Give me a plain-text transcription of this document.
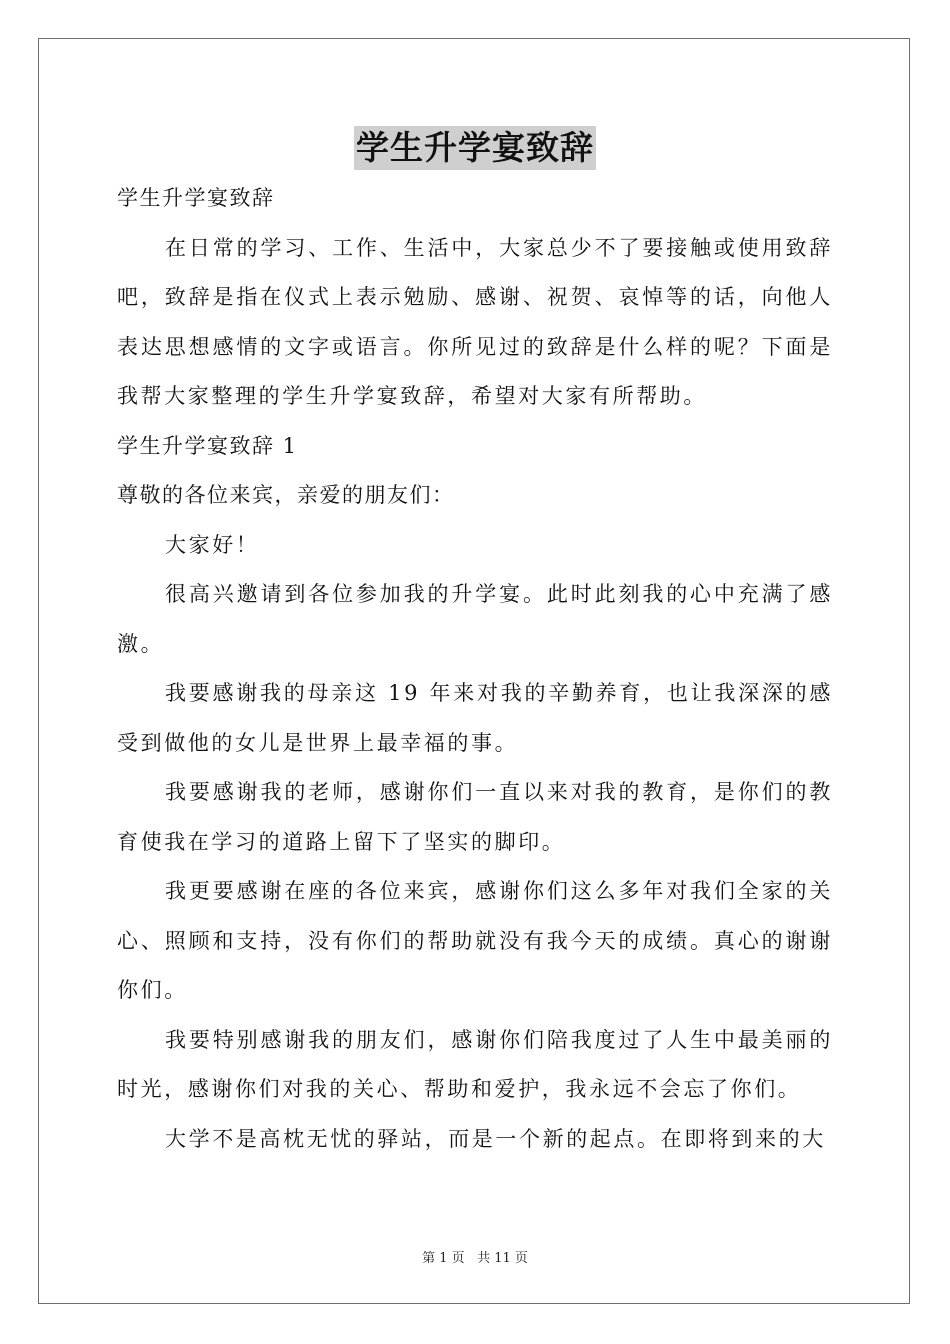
学生升学宴致辞

学生升学宴致辞

在日常的学习、工作、生活中，大家总少不了要接触或使用致辞吧，致辞是指在仪式上表示勉励、感谢、祝贺、哀悼等的话，向他人表达思想感情的文字或语言。你所见过的致辞是什么样的呢？下面是我帮大家整理的学生升学宴致辞，希望对大家有所帮助。

学生升学宴致辞 1

尊敬的各位来宾，亲爱的朋友们：

大家好！

很高兴邀请到各位参加我的升学宴。此时此刻我的心中充满了感激。

我要感谢我的母亲这 19 年来对我的辛勤养育，也让我深深的感受到做他的女儿是世界上最幸福的事。

我要感谢我的老师，感谢你们一直以来对我的教育，是你们的教育使我在学习的道路上留下了坚实的脚印。

我更要感谢在座的各位来宾，感谢你们这么多年对我们全家的关心、照顾和支持，没有你们的帮助就没有我今天的成绩。真心的谢谢你们。

我要特别感谢我的朋友们，感谢你们陪我度过了人生中最美丽的时光，感谢你们对我的关心、帮助和爱护，我永远不会忘了你们。

大学不是高枕无忧的驿站，而是一个新的起点。在即将到来的大

第 1 页 共 11 页
